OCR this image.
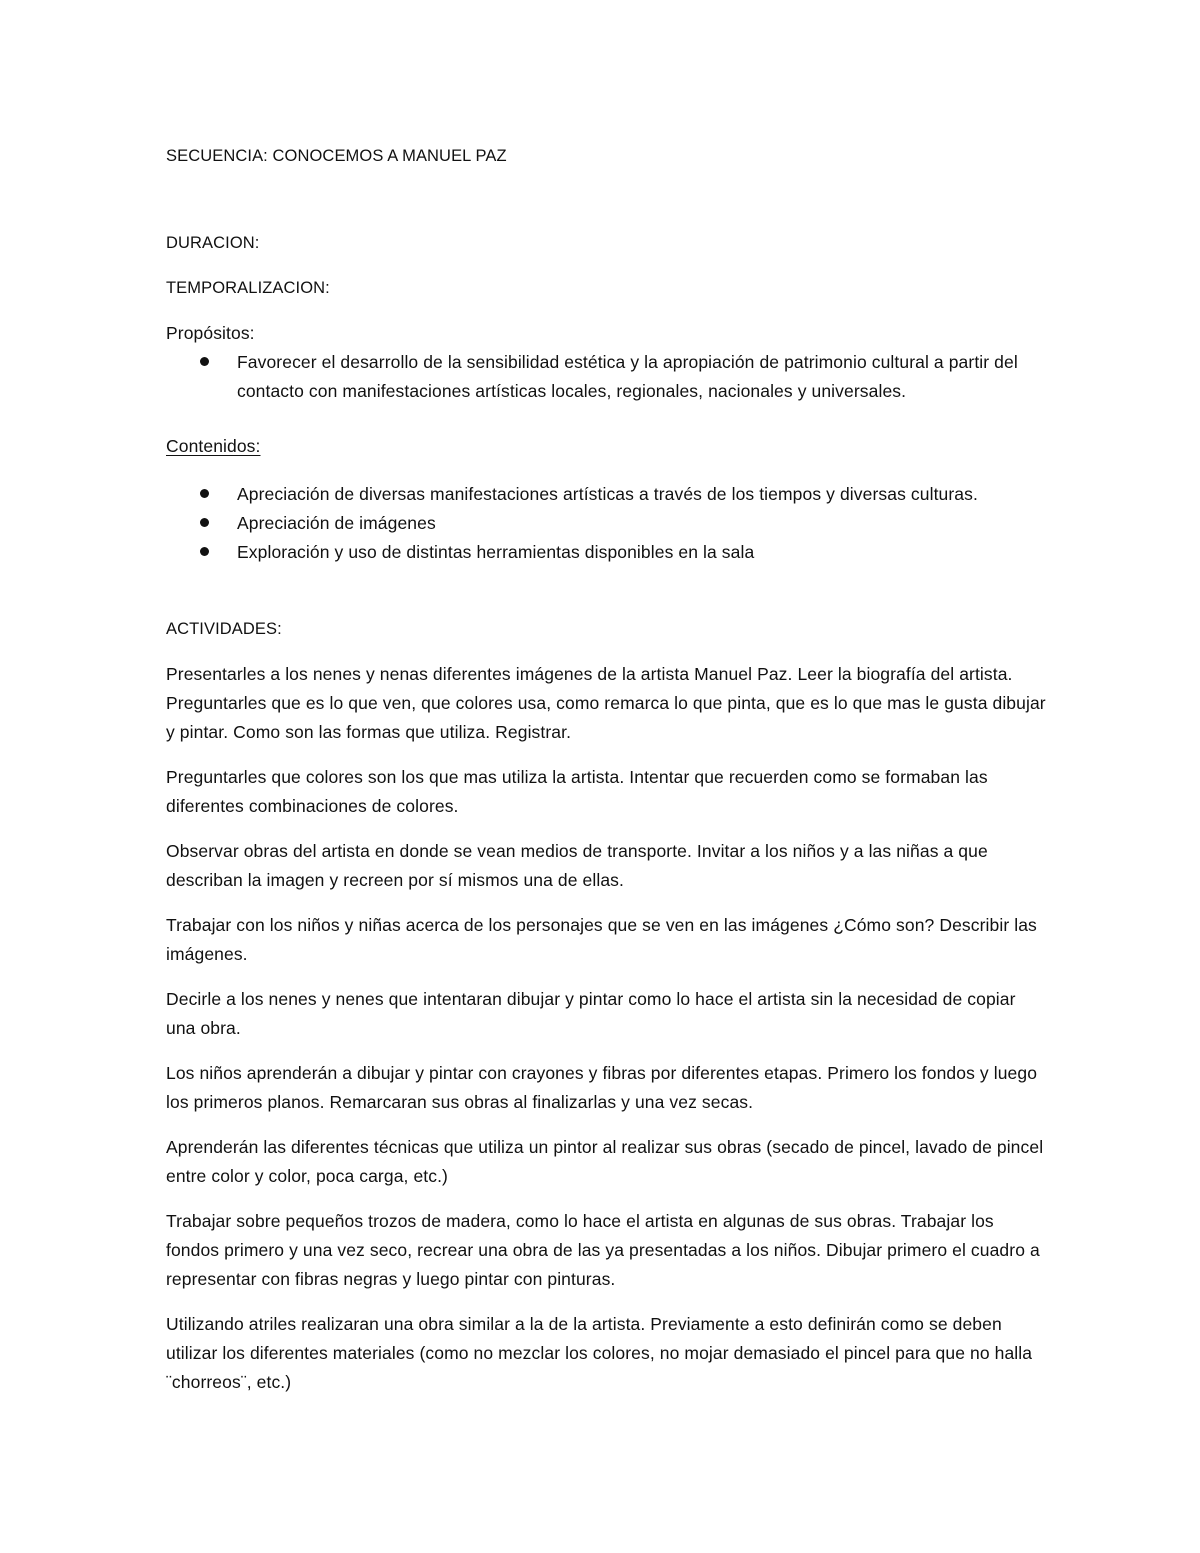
SECUENCIA: CONOCEMOS A MANUEL PAZ
DURACION:
TEMPORALIZACION:
Propósitos:
Favorecer el desarrollo de la sensibilidad estética y la apropiación de patrimonio cultural a partir del contacto con manifestaciones artísticas locales, regionales, nacionales y universales.
Contenidos:
Apreciación de diversas manifestaciones artísticas a través de los tiempos y diversas culturas.
Apreciación de imágenes
Exploración y uso de distintas herramientas disponibles en la sala
ACTIVIDADES:

Presentarles a los nenes y nenas diferentes imágenes de la artista Manuel Paz. Leer la biografía del artista. Preguntarles que es lo que ven, que colores usa, como remarca lo que pinta, que es lo que mas le gusta dibujar y pintar. Como son las formas que utiliza. Registrar.

Preguntarles que colores son los que mas utiliza la artista. Intentar que recuerden como se formaban las diferentes combinaciones de colores.

Observar obras del artista en donde se vean medios de transporte. Invitar a los niños y a las niñas a que describan la imagen y recreen por sí mismos una de ellas.

Trabajar con los niños y niñas acerca de los personajes que se ven en las imágenes ¿Cómo son? Describir las imágenes.

Decirle a los nenes y nenes que intentaran dibujar y pintar como lo hace el artista sin la necesidad de copiar una obra.

Los niños aprenderán a dibujar y pintar con crayones y fibras por diferentes etapas. Primero los fondos y luego los primeros planos. Remarcaran sus obras al finalizarlas y una vez secas.

Aprenderán las diferentes técnicas que utiliza un pintor al realizar sus obras (secado de pincel, lavado de pincel entre color y color, poca carga, etc.)

Trabajar sobre pequeños trozos de madera, como lo hace el artista en algunas de sus obras. Trabajar los fondos primero y una vez seco, recrear una obra de las ya presentadas a los niños. Dibujar primero el cuadro a representar con fibras negras y luego pintar con pinturas.

Utilizando atriles realizaran una obra similar a la de la artista. Previamente a esto definirán como se deben utilizar los diferentes materiales (como no mezclar los colores, no mojar demasiado el pincel para que no halla ¨chorreos¨, etc.)
